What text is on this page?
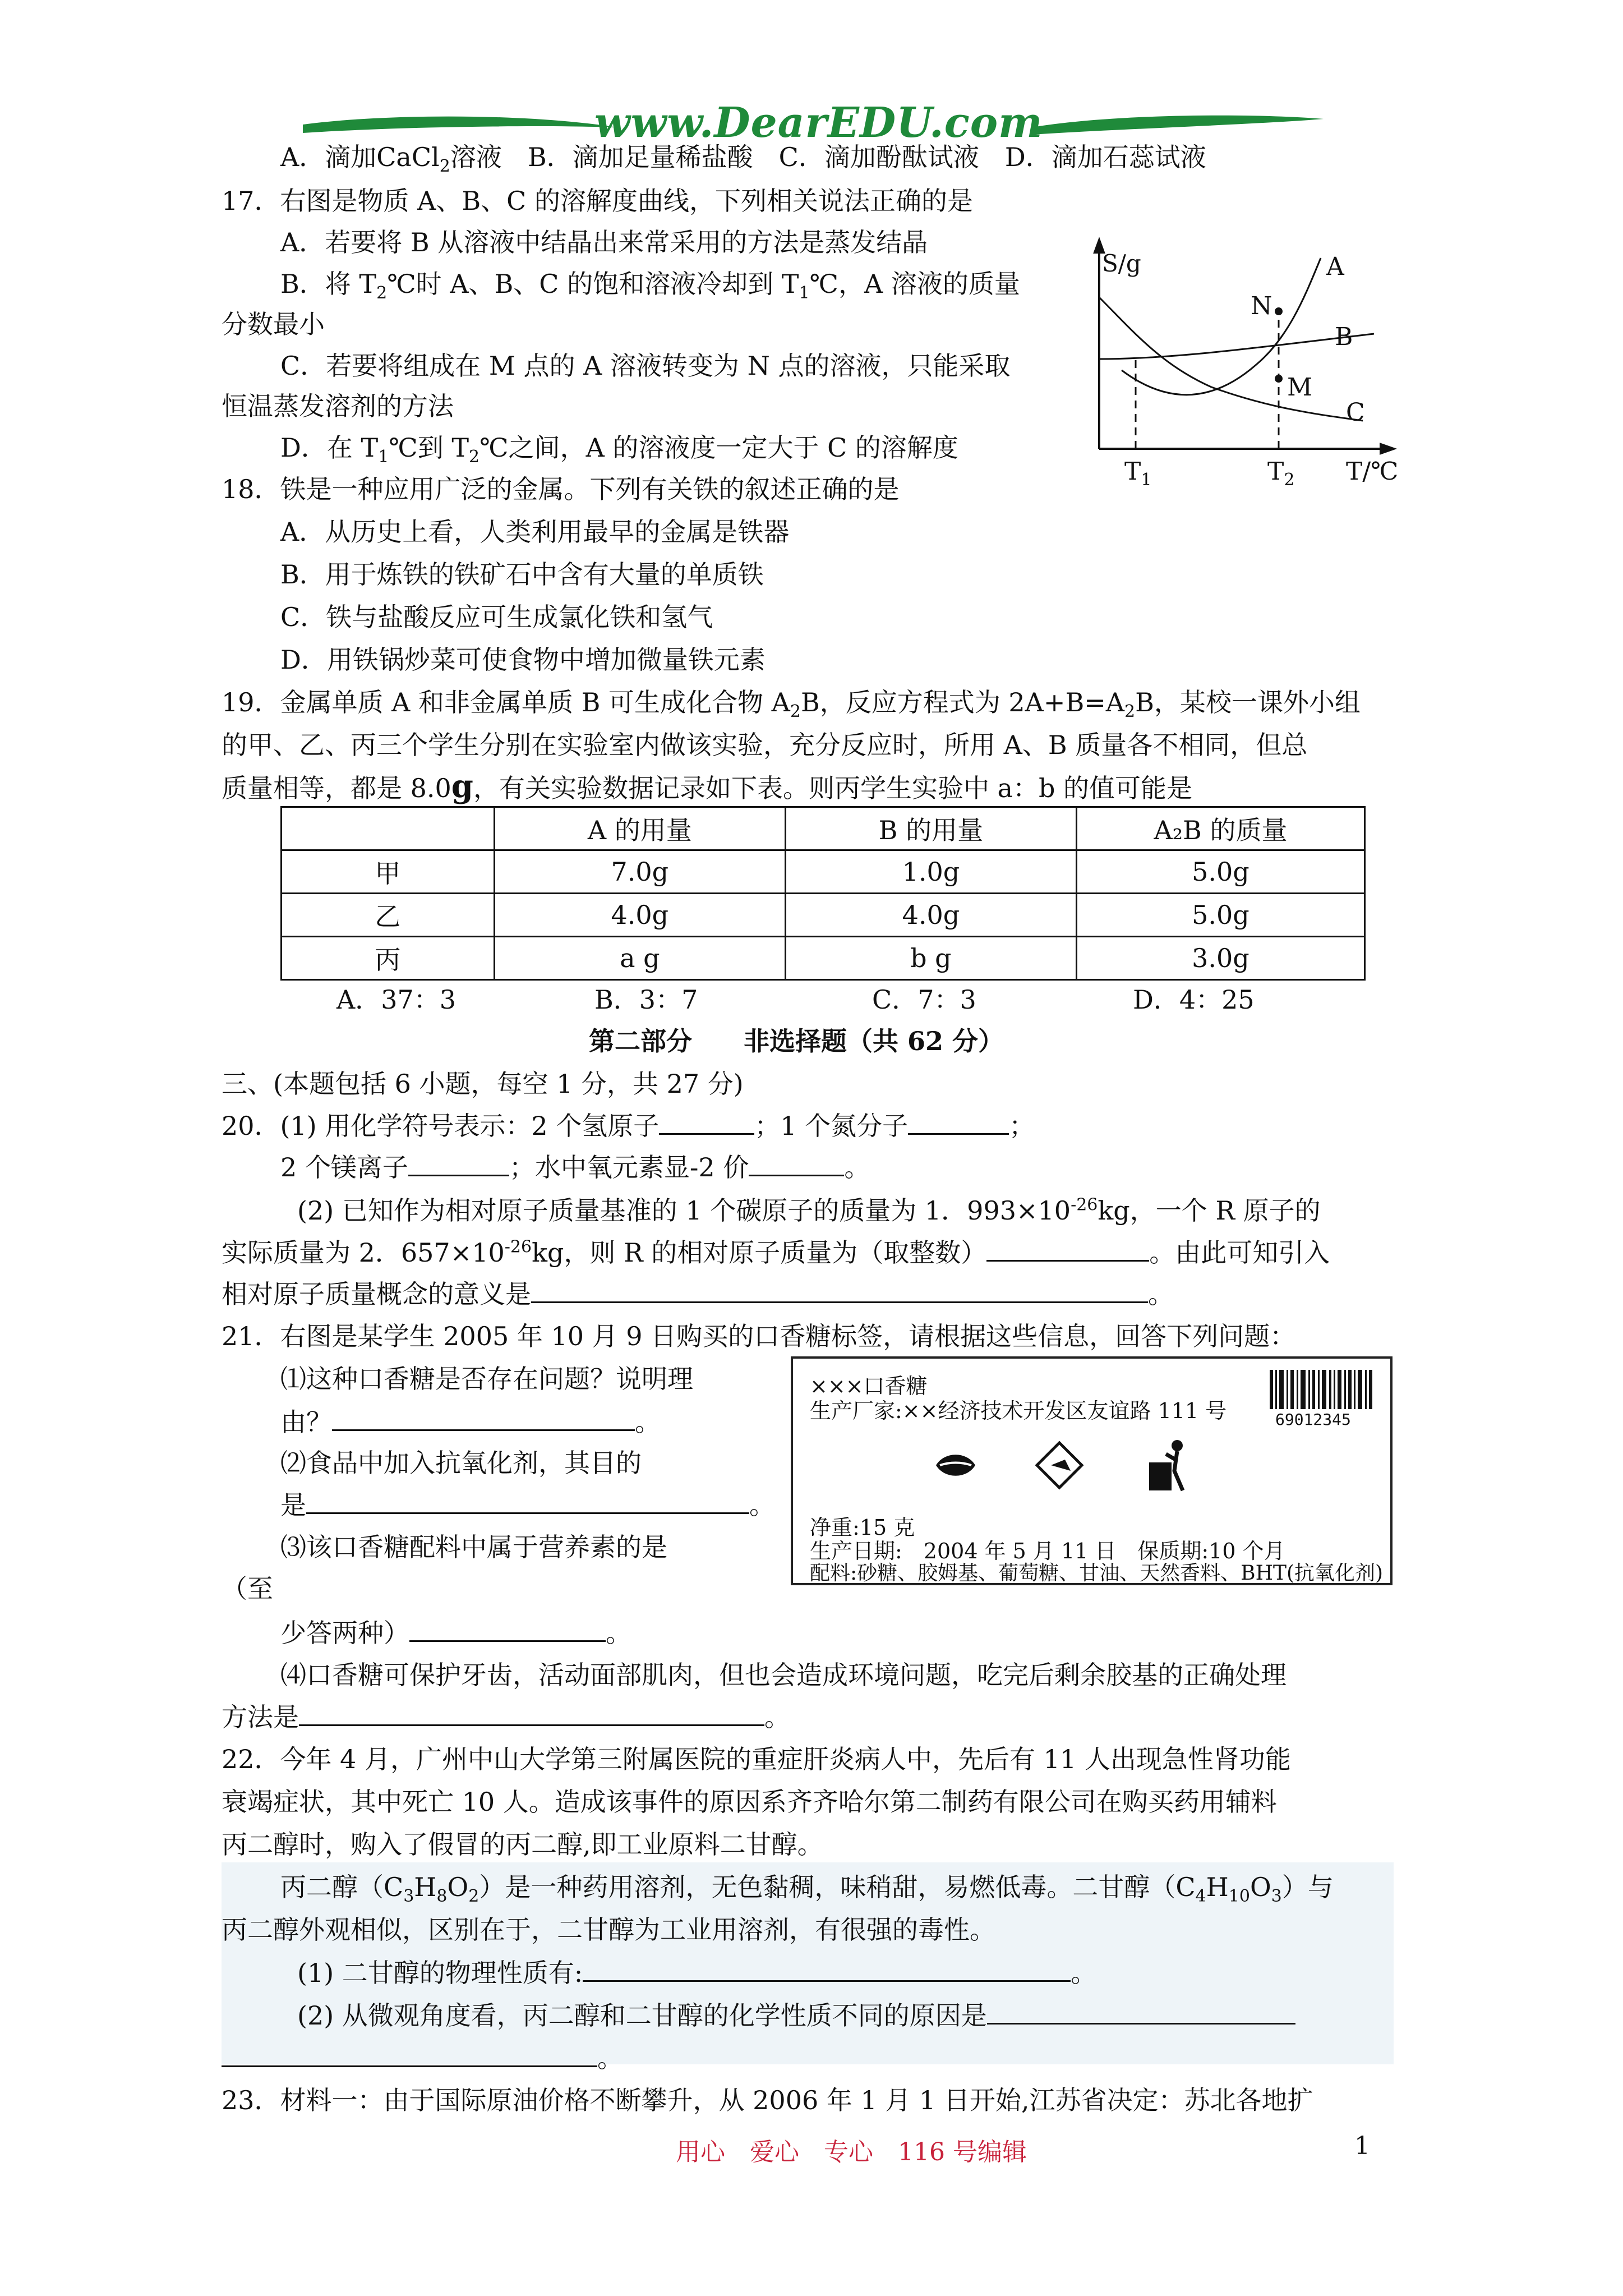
www.DearEDU.com
A．滴加CaCl$_2$溶液　B．滴加足量稀盐酸　C．滴加酚酞试液　D．滴加石蕊试液
17．右图是物质 A、B、C 的溶解度曲线，下列相关说法正确的是
A．若要将 B 从溶液中结晶出来常采用的方法是蒸发结晶
B．将 $T_2℃$时 A、B、C 的饱和溶液冷却到 $T_1℃$，A 溶液的质量
分数最小
C．若要将组成在 M 点的 A 溶液转变为 N 点的溶液，只能采取
恒温蒸发溶剂的方法
D．在 $T_1℃$到 $T_2℃$之间，A 的溶液度一定大于 C 的溶解度
S/g	A
N
B
M
C
$T_1$	$T_2$ T/℃
18．铁是一种应用广泛的金属。下列有关铁的叙述正确的是
A．从历史上看，人类利用最早的金属是铁器
B．用于炼铁的铁矿石中含有大量的单质铁
C．铁与盐酸反应可生成氯化铁和氢气
D．用铁锅炒菜可使食物中增加微量铁元素
19．金属单质 A 和非金属单质 B 可生成化合物 $A_2B$，反应方程式为 $2A+B=A_2B$，某校一课外小组
的甲、乙、丙三个学生分别在实验室内做该实验，充分反应时，所用 A、B 质量各不相同，但总
质量相等，都是 8.0g，有关实验数据记录如下表。则丙学生实验中 a：b 的值可能是
	A 的用量	B 的用量	A₂B 的质量
甲	7.0g	1.0g	5.0g
乙	4.0g	4.0g	5.0g
丙	a g	b g	3.0g
A．37：3	B．3：7	C．7：3	D．4：25
第二部分　　非选择题（共 62 分）
三、(本题包括 6 小题，每空 1 分，共 27 分)
20．(1) 用化学符号表示：2 个氢原子	；1 个氮分子	；
2 个镁离子	；水中氧元素显-2 价	。
(2) 已知作为相对原子质量基准的 1 个碳原子的质量为 1．$993\times 10^{-26}kg$，一个 R 原子的
实际质量为 2．$657\times 10^{-26}kg$，则 R 的相对原子质量为（取整数）	。由此可知引入
相对原子质量概念的意义是	。
21．右图是某学生 2005 年 10 月 9 日购买的口香糖标签，请根据这些信息，回答下列问题：
⑴这种口香糖是否存在问题？说明理
由？	。
⑵食品中加入抗氧化剂，其目的
是	。
⑶该口香糖配料中属于营养素的是
（至
少答两种）	。
⑷口香糖可保护牙齿，活动面部肌肉，但也会造成环境问题，吃完后剩余胶基的正确处理
方法是	。
×××口香糖
生产厂家:××经济技术开发区友谊路 111 号	69012345
净重:15 克
生产日期:　2004 年 5 月 11 日　保质期:10 个月
配料:砂糖、胶姆基、葡萄糖、甘油、天然香料、BHT(抗氧化剂)
22．今年 4 月，广州中山大学第三附属医院的重症肝炎病人中，先后有 11 人出现急性肾功能
衰竭症状，其中死亡 10 人。造成该事件的原因系齐齐哈尔第二制药有限公司在购买药用辅料
丙二醇时，购入了假冒的丙二醇,即工业原料二甘醇。
丙二醇$(C_3H_8O_2)$是一种药用溶剂，无色黏稠，味稍甜，易燃低毒。二甘醇$(C_4H_{10}O_3)$与
丙二醇外观相似，区别在于，二甘醇为工业用溶剂，有很强的毒性。
(1) 二甘醇的物理性质有:	。
(2) 从微观角度看，丙二醇和二甘醇的化学性质不同的原因是
。
23．材料一：由于国际原油价格不断攀升，从 2006 年 1 月 1 日开始,江苏省决定：苏北各地扩
用心　爱心　专心　116 号编辑	1
